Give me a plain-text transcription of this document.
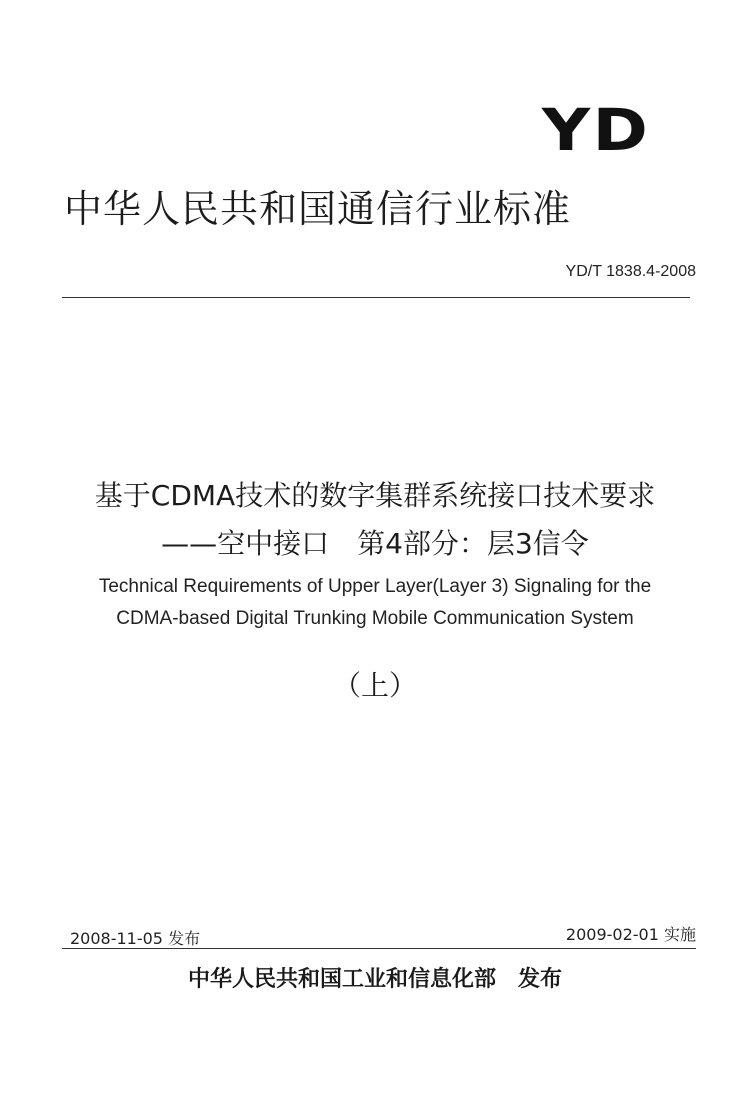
YD
中华人民共和国通信行业标准
YD/T 1838.4-2008
基于CDMA技术的数字集群系统接口技术要求
——空中接口　第4部分：层3信令
Technical Requirements of Upper Layer(Layer 3) Signaling for the
CDMA-based Digital Trunking Mobile Communication System
（上）
2008-11-05 发布	2009-02-01 实施
中华人民共和国工业和信息化部　发布
